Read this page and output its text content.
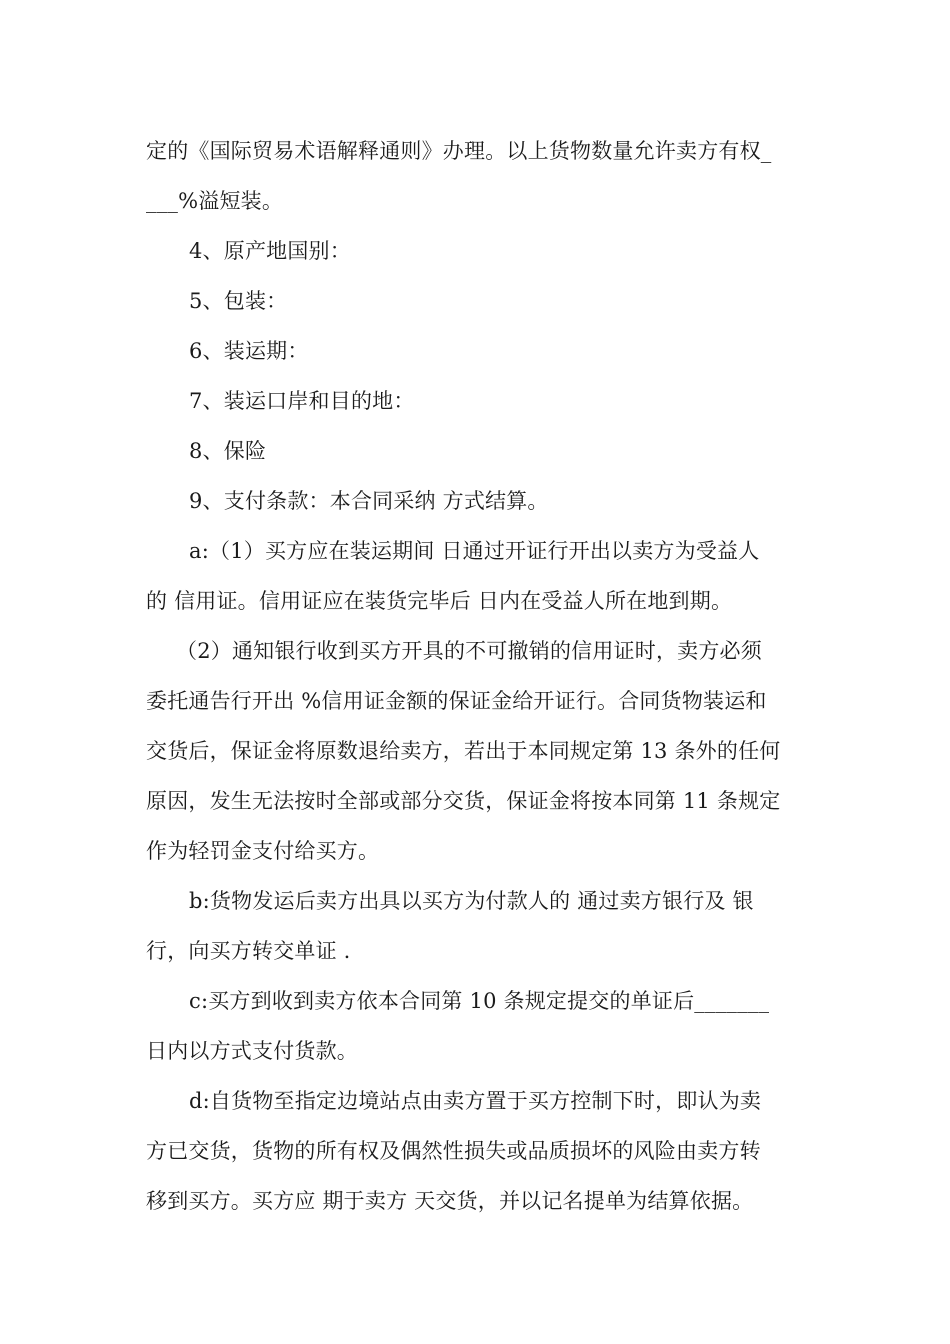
定的《国际贸易术语解释通则》办理。以上货物数量允许卖方有权_
___%溢短装。
4、原产地国别：
5、包装：
6、装运期：
7、装运口岸和目的地：
8、保险
9、支付条款：本合同采纳 方式结算。
a:（1）买方应在装运期间 日通过开证行开出以卖方为受益人
的 信用证。信用证应在装货完毕后 日内在受益人所在地到期。
（2）通知银行收到买方开具的不可撤销的信用证时，卖方必须
委托通告行开出 %信用证金额的保证金给开证行。合同货物装运和
交货后，保证金将原数退给卖方，若出于本同规定第 13 条外的任何
原因，发生无法按时全部或部分交货，保证金将按本同第 11 条规定
作为轻罚金支付给买方。
b:货物发运后卖方出具以买方为付款人的 通过卖方银行及 银
行，向买方转交单证 .
c:买方到收到卖方依本合同第 10 条规定提交的单证后_______
日内以方式支付货款。
d:自货物至指定边境站点由卖方置于买方控制下时，即认为卖
方已交货，货物的所有权及偶然性损失或品质损坏的风险由卖方转
移到买方。买方应 期于卖方 天交货，并以记名提单为结算依据。
